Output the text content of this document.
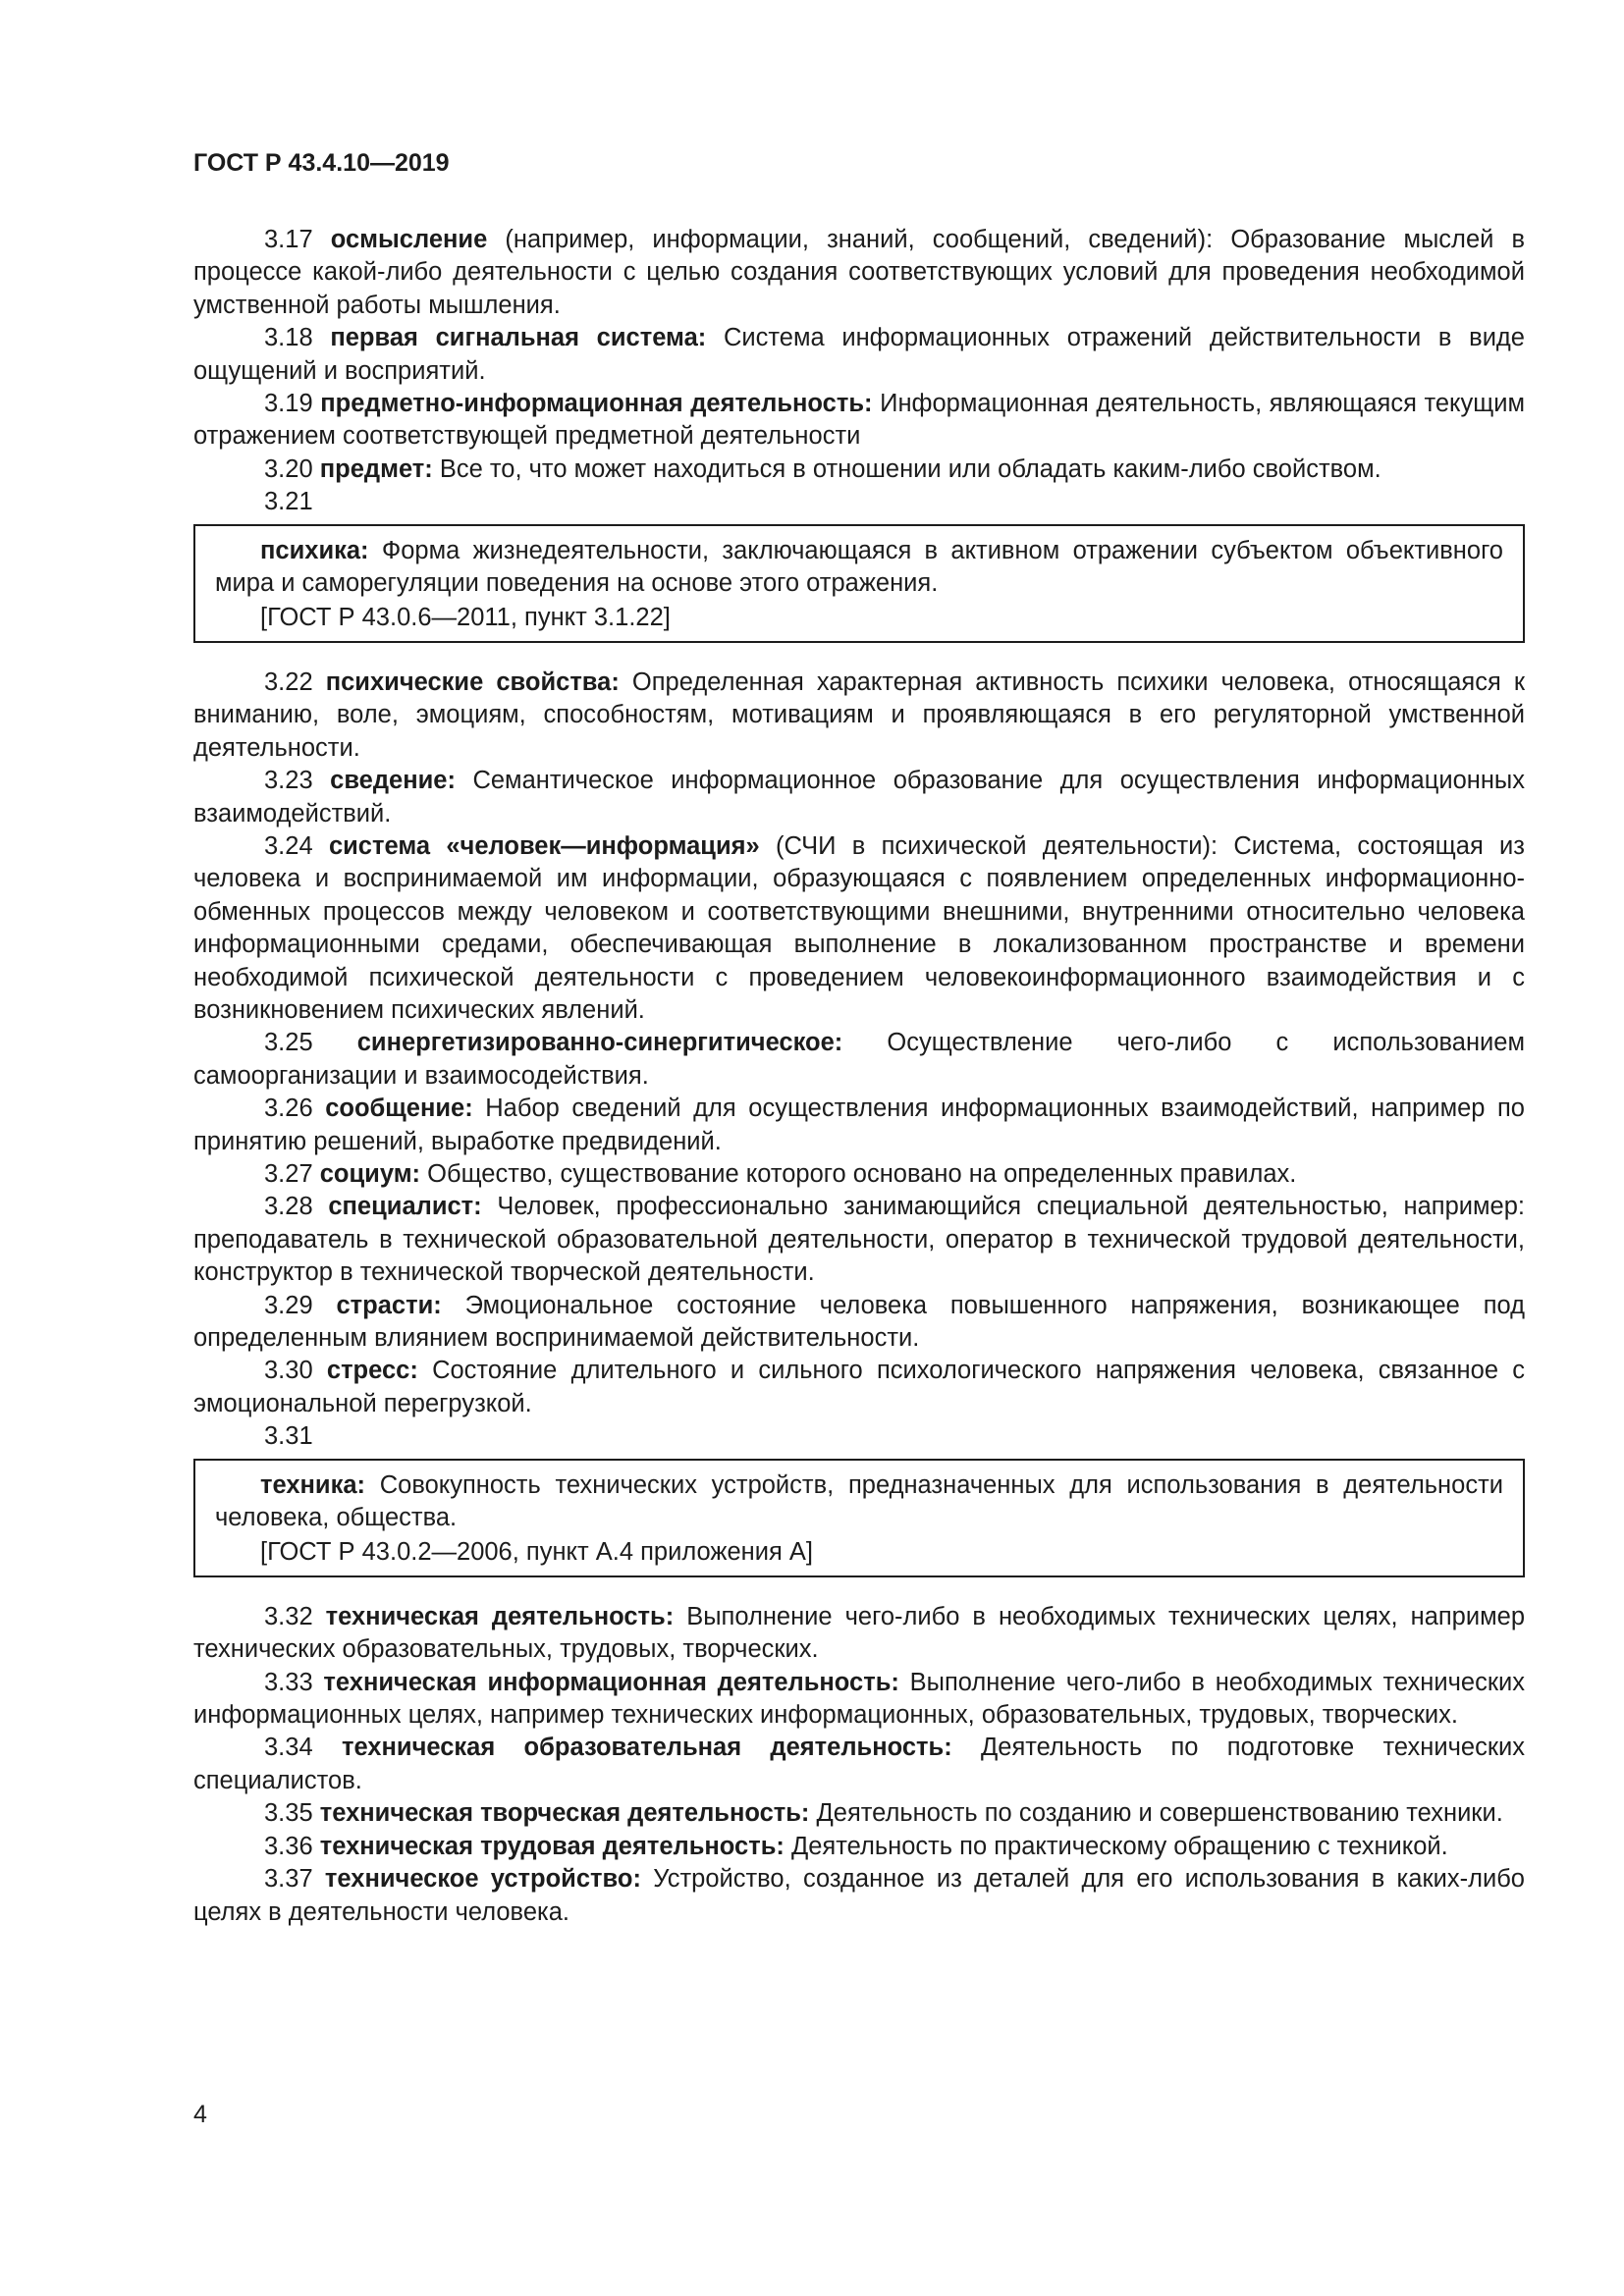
ГОСТ Р 43.4.10—2019

3.17 осмысление (например, информации, знаний, сообщений, сведений): Образование мыслей в процессе какой-либо деятельности с целью создания соответствующих условий для проведения необходимой умственной работы мышления.

3.18 первая сигнальная система: Система информационных отражений действительности в виде ощущений и восприятий.

3.19 предметно-информационная деятельность: Информационная деятельность, являющаяся текущим отражением соответствующей предметной деятельности

3.20 предмет: Все то, что может находиться в отношении или обладать каким-либо свойством.

3.21

психика: Форма жизнедеятельности, заключающаяся в активном отражении субъектом объективного мира и саморегуляции поведения на основе этого отражения.

[ГОСТ Р 43.0.6—2011, пункт 3.1.22]

3.22 психические свойства: Определенная характерная активность психики человека, относящаяся к вниманию, воле, эмоциям, способностям, мотивациям и проявляющаяся в его регуляторной умственной деятельности.

3.23 сведение: Семантическое информационное образование для осуществления информационных взаимодействий.

3.24 система «человек—информация» (СЧИ в психической деятельности): Система, состоящая из человека и воспринимаемой им информации, образующаяся с появлением определенных информационно-обменных процессов между человеком и соответствующими внешними, внутренними относительно человека информационными средами, обеспечивающая выполнение в локализованном пространстве и времени необходимой психической деятельности с проведением человекоинформационного взаимодействия и с возникновением психических явлений.

3.25 синергетизированно-синергитическое: Осуществление чего-либо с использованием самоорганизации и взаимосодействия.

3.26 сообщение: Набор сведений для осуществления информационных взаимодействий, например по принятию решений, выработке предвидений.

3.27 социум: Общество, существование которого основано на определенных правилах.

3.28 специалист: Человек, профессионально занимающийся специальной деятельностью, например: преподаватель в технической образовательной деятельности, оператор в технической трудовой деятельности, конструктор в технической творческой деятельности.

3.29 страсти: Эмоциональное состояние человека повышенного напряжения, возникающее под определенным влиянием воспринимаемой действительности.

3.30 стресс: Состояние длительного и сильного психологического напряжения человека, связанное с эмоциональной перегрузкой.

3.31

техника: Совокупность технических устройств, предназначенных для использования в деятельности человека, общества.

[ГОСТ Р 43.0.2—2006, пункт А.4 приложения А]

3.32 техническая деятельность: Выполнение чего-либо в необходимых технических целях, например технических образовательных, трудовых, творческих.

3.33 техническая информационная деятельность: Выполнение чего-либо в необходимых технических информационных целях, например технических информационных, образовательных, трудовых, творческих.

3.34 техническая образовательная деятельность: Деятельность по подготовке технических специалистов.

3.35 техническая творческая деятельность: Деятельность по созданию и совершенствованию техники.

3.36 техническая трудовая деятельность: Деятельность по практическому обращению с техникой.

3.37 техническое устройство: Устройство, созданное из деталей для его использования в каких-либо целях в деятельности человека.

4
